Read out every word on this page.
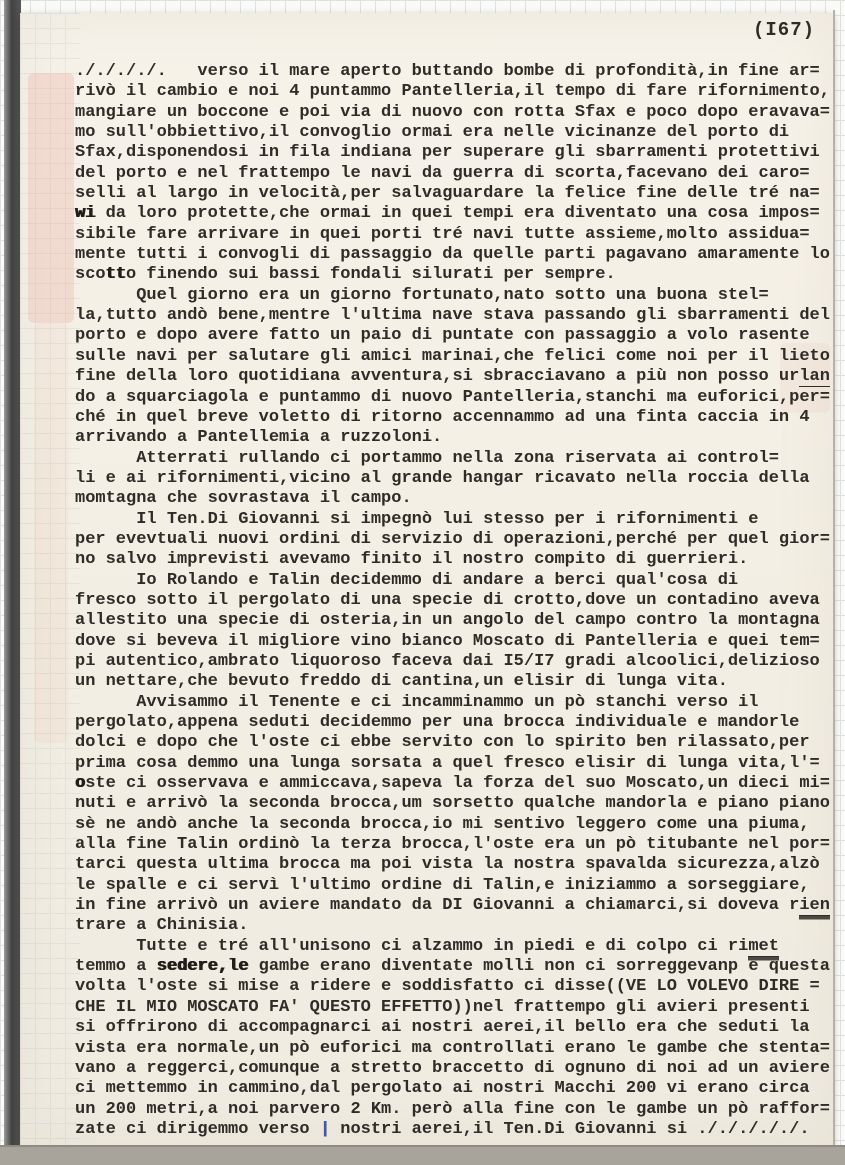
(I67)
././././.   verso il mare aperto buttando bombe di profondità,in fine ar=
rivò il cambio e noi 4 puntammo Pantelleria,il tempo di fare rifornimento,
mangiare un boccone e poi via di nuovo con rotta Sfax e poco dopo eravava=
mo sull'obbiettivo,il convoglio ormai era nelle vicinanze del porto di
Sfax,disponendosi in fila indiana per superare gli sbarramenti protettivi
del porto e nel frattempo le navi da guerra di scorta,facevano dei caro=
selli al largo in velocità,per salvaguardare la felice fine delle tré na=
wi da loro protette,che ormai in quei tempi era diventato una cosa impos=
sibile fare arrivare in quei porti tré navi tutte assieme,molto assidua=
mente tutti i convogli di passaggio da quelle parti pagavano amaramente lo
scotto finendo sui bassi fondali silurati per sempre.
Quel giorno era un giorno fortunato,nato sotto una buona stel=
la,tutto andò bene,mentre l'ultima nave stava passando gli sbarramenti del
porto e dopo avere fatto un paio di puntate con passaggio a volo rasente
sulle navi per salutare gli amici marinai,che felici come noi per il lieto
fine della loro quotidiana avventura,si sbracciavano a più non posso urlan
do a squarciagola e puntammo di nuovo Pantelleria,stanchi ma euforici,per=
ché in quel breve voletto di ritorno accennammo ad una finta caccia in 4
arrivando a Pantellemia a ruzzoloni.
Atterrati rullando ci portammo nella zona riservata ai control=
li e ai rifornimenti,vicino al grande hangar ricavato nella roccia della
momtagna che sovrastava il campo.
Il Ten.Di Giovanni si impegnò lui stesso per i rifornimenti e
per evevtuali nuovi ordini di servizio di operazioni,perché per quel gior=
no salvo imprevisti avevamo finito il nostro compito di guerrieri.
Io Rolando e Talin decidemmo di andare a berci qual'cosa di
fresco sotto il pergolato di una specie di crotto,dove un contadino aveva
allestito una specie di osteria,in un angolo del campo contro la montagna
dove si beveva il migliore vino bianco Moscato di Pantelleria e quei tem=
pi autentico,ambrato liquoroso faceva dai I5/I7 gradi alcoolici,delizioso
un nettare,che bevuto freddo di cantina,un elisir di lunga vita.
Avvisammo il Tenente e ci incamminammo un pò stanchi verso il
pergolato,appena seduti decidemmo per una brocca individuale e mandorle
dolci e dopo che l'oste ci ebbe servito con lo spirito ben rilassato,per
prima cosa demmo una lunga sorsata a quel fresco elisir di lunga vita,l'=
oste ci osservava e ammiccava,sapeva la forza del suo Moscato,un dieci mi=
nuti e arrivò la seconda brocca,um sorsetto qualche mandorla e piano piano
sè ne andò anche la seconda brocca,io mi sentivo leggero come una piuma,
alla fine Talin ordinò la terza brocca,l'oste era un pò titubante nel por=
tarci questa ultima brocca ma poi vista la nostra spavalda sicurezza,alzò
le spalle e ci servì l'ultimo ordine di Talin,e iniziammo a sorseggiare,
in fine arrivò un aviere mandato da DI Giovanni a chiamarci,si doveva rien
trare a Chinisia.
Tutte e tré all'unisono ci alzammo in piedi e di colpo ci rimet
temmo a sedere,le gambe erano diventate molli non ci sorreggevanp e questa
volta l'oste si mise a ridere e soddisfatto ci disse((VE LO VOLEVO DIRE =
CHE IL MIO MOSCATO FA' QUESTO EFFETTO))nel frattempo gli avieri presenti
si offrirono di accompagnarci ai nostri aerei,il bello era che seduti la
vista era normale,un pò euforici ma controllati erano le gambe che stenta=
vano a reggerci,comunque a stretto braccetto di ognuno di noi ad un aviere
ci mettemmo in cammino,dal pergolato ai nostri Macchi 200 vi erano circa
un 200 metri,a noi parvero 2 Km. però alla fine con le gambe un pò raffor=
zate ci dirigemmo verso | nostri aerei,il Ten.Di Giovanni si ./././././.
